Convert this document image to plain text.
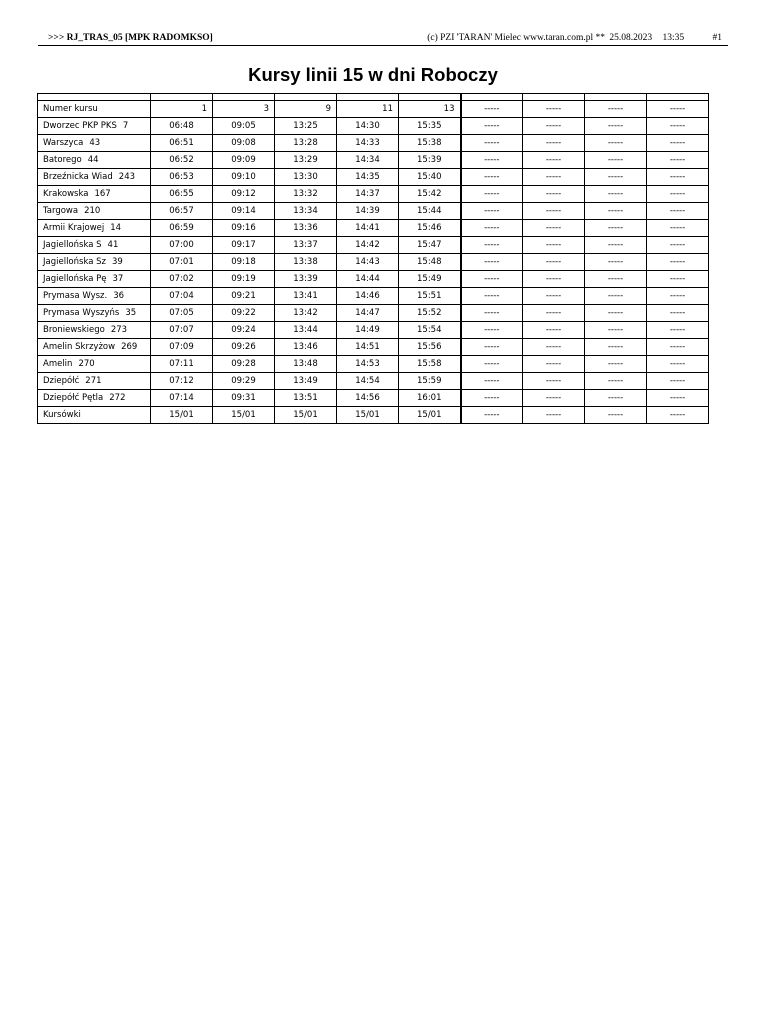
>>> RJ_TRAS_05 [MPK RADOMKSO]	(c) PZI 'TARAN' Mielec www.taran.com.pl ** 25.08.2023 13:35	#1
Kursy linii 15 w dni Roboczy

Numer kursu	1	3	9	11	13	-----	-----	-----	-----
Dworzec PKP PKS 7	06:48	09:05	13:25	14:30	15:35	-----	-----	-----	-----
Warszyca 43	06:51	09:08	13:28	14:33	15:38	-----	-----	-----	-----
Batorego 44	06:52	09:09	13:29	14:34	15:39	-----	-----	-----	-----
Brzeźnicka Wiad 243	06:53	09:10	13:30	14:35	15:40	-----	-----	-----	-----
Krakowska 167	06:55	09:12	13:32	14:37	15:42	-----	-----	-----	-----
Targowa 210	06:57	09:14	13:34	14:39	15:44	-----	-----	-----	-----
Armii Krajowej 14	06:59	09:16	13:36	14:41	15:46	-----	-----	-----	-----
Jagiellońska S 41	07:00	09:17	13:37	14:42	15:47	-----	-----	-----	-----
Jagiellońska Sz 39	07:01	09:18	13:38	14:43	15:48	-----	-----	-----	-----
Jagiellońska Pę 37	07:02	09:19	13:39	14:44	15:49	-----	-----	-----	-----
Prymasa Wysz. 36	07:04	09:21	13:41	14:46	15:51	-----	-----	-----	-----
Prymasa Wyszyńs 35	07:05	09:22	13:42	14:47	15:52	-----	-----	-----	-----
Broniewskiego 273	07:07	09:24	13:44	14:49	15:54	-----	-----	-----	-----
Amelin Skrzyżow 269	07:09	09:26	13:46	14:51	15:56	-----	-----	-----	-----
Amelin 270	07:11	09:28	13:48	14:53	15:58	-----	-----	-----	-----
Dziepółć 271	07:12	09:29	13:49	14:54	15:59	-----	-----	-----	-----
Dziepółć Pętla 272	07:14	09:31	13:51	14:56	16:01	-----	-----	-----	-----
Kursówki	15/01	15/01	15/01	15/01	15/01	-----	-----	-----	-----
